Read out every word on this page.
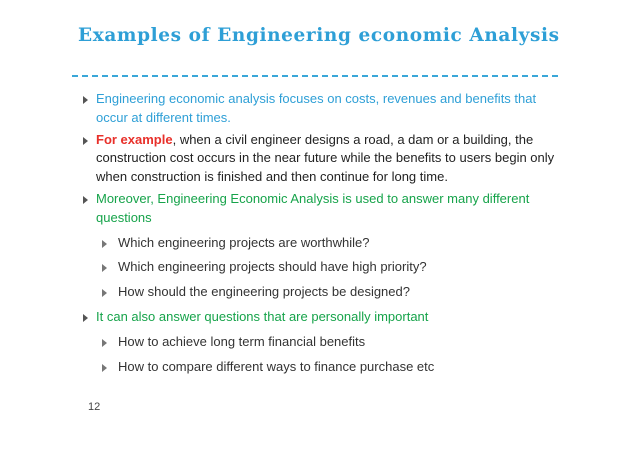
Examples of Engineering economic Analysis

Engineering economic analysis focuses on costs, revenues and benefits that occur at different times.

For example, when a civil engineer designs a road, a dam or a building, the construction cost occurs in the near future while the benefits to users begin only when construction is finished and then continue for long time.

Moreover, Engineering Economic Analysis is used to answer many different questions

Which engineering projects are worthwhile?

Which engineering projects should have high priority?

How should the engineering projects be designed?

It can also answer questions that are personally important

How to achieve long term financial benefits

How to compare different ways to finance purchase etc

12
